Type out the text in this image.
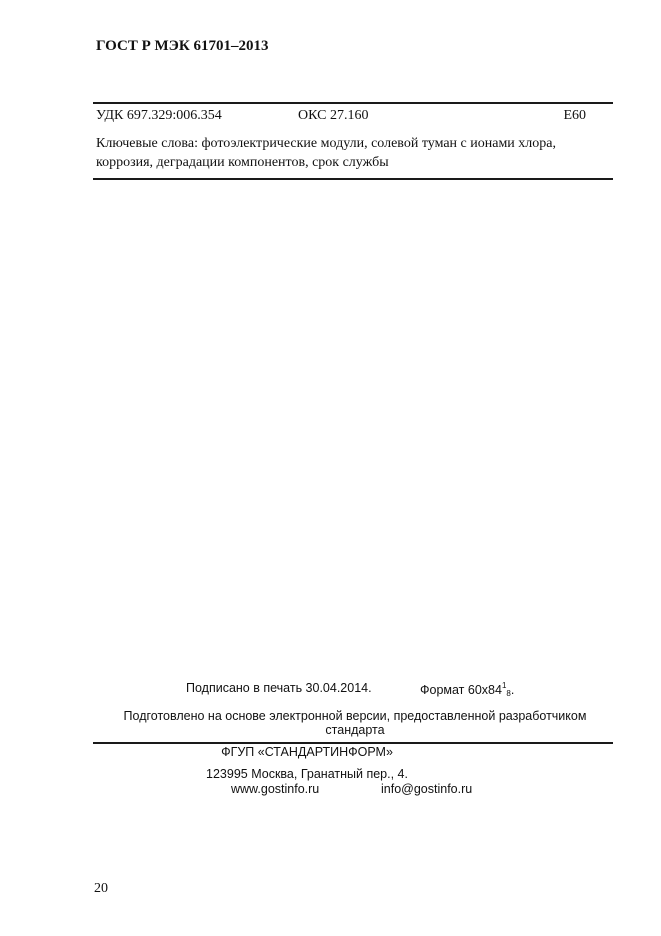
ГОСТ Р МЭК 61701–2013
УДК 697.329:006.354	ОКС 27.160	Е60
Ключевые слова: фотоэлектрические модули, солевой туман с ионами хлора, коррозия, деградации компонентов, срок службы
Подписано в печать 30.04.2014.	Формат $60x84^1_8$.
Подготовлено на основе электронной версии, предоставленной разработчиком стандарта
ФГУП «СТАНДАРТИНФОРМ»
123995 Москва, Гранатный пер., 4.
www.gostinfo.ru	info@gostinfo.ru
20
